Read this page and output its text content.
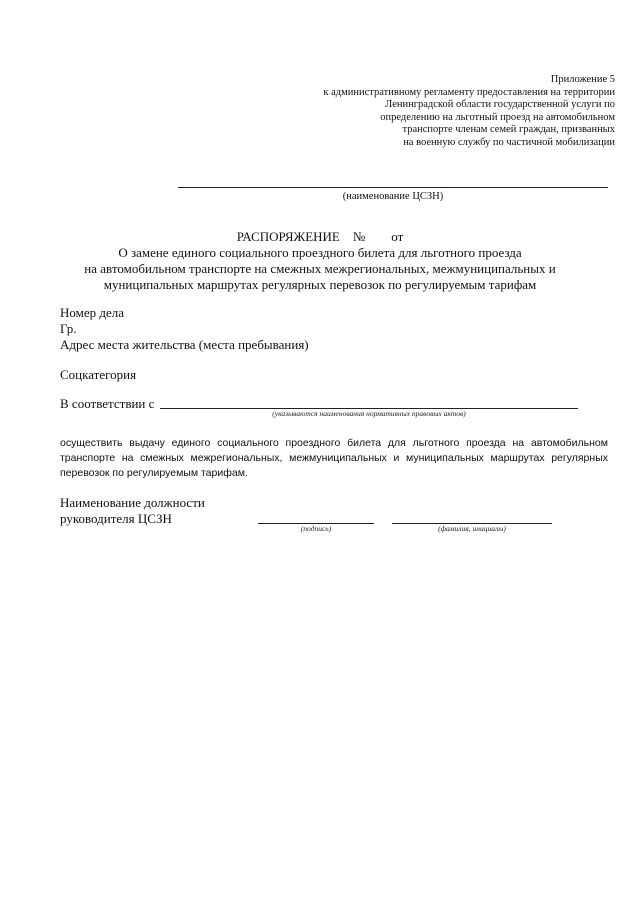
Приложение 5
к административному регламенту предоставления на территории
Ленинградской области государственной услуги по
определению на льготный проезд на автомобильном
транспорте членам семей граждан, призванных
на военную службу по частичной мобилизации
(наименование ЦСЗН)
РАСПОРЯЖЕНИЕ    №        от
О замене единого социального проездного билета для льготного проезда
на автомобильном транспорте на смежных межрегиональных, межмуниципальных и
муниципальных маршрутах регулярных перевозок по регулируемым тарифам
Номер дела
Гр.
Адрес места жительства (места пребывания)
Соцкатегория
В соответствии с
(указываются наименования нормативных правовых актов)
осуществить выдачу единого социального проездного билета для льготного проезда на автомобильном транспорте на смежных межрегиональных, межмуниципальных и муниципальных маршрутах регулярных перевозок по регулируемым тарифам.
Наименование должности
руководителя ЦСЗН
(подпись)	(фамилия, инициалы)
